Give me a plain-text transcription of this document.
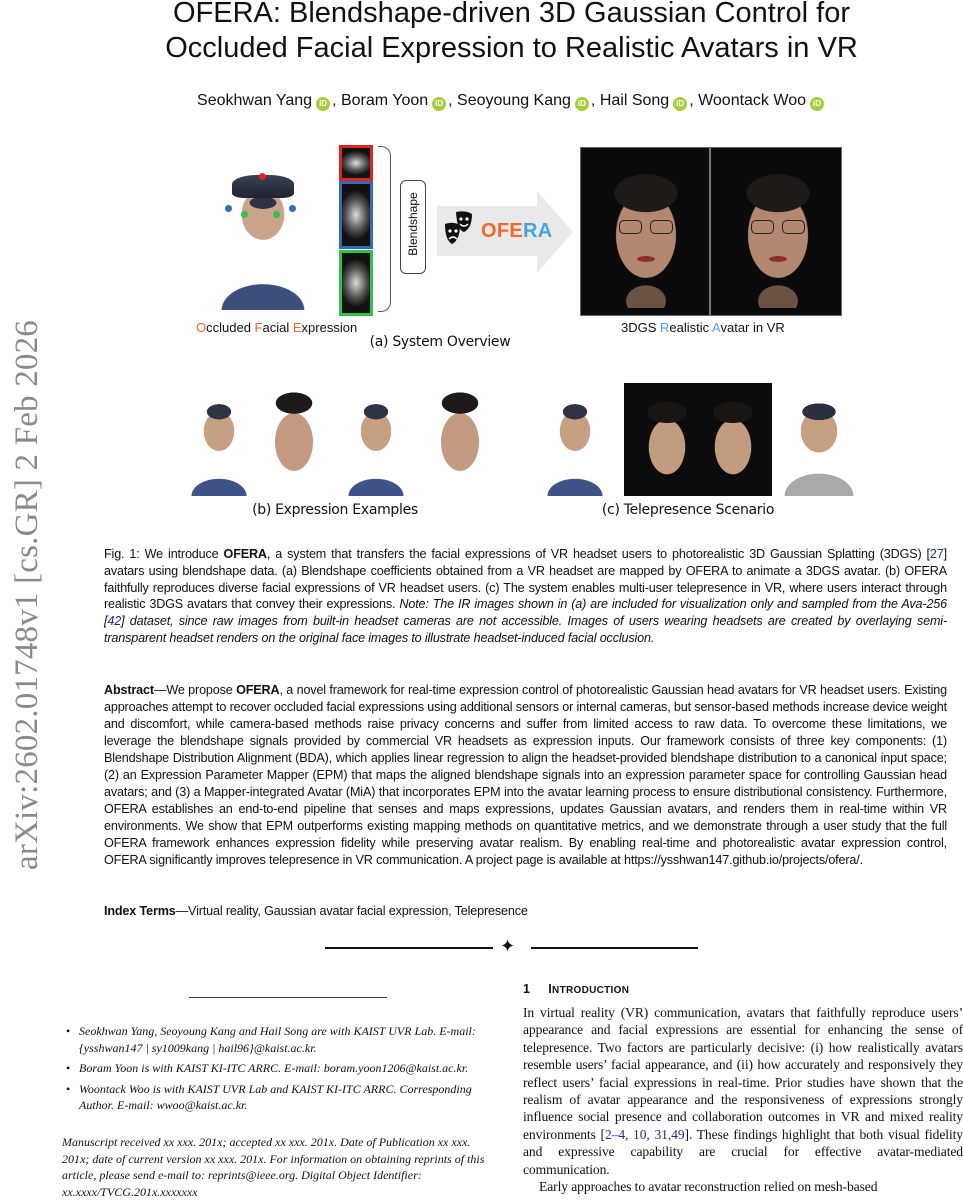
arXiv:2602.01748v1 [cs.GR] 2 Feb 2026
OFERA: Blendshape-driven 3D Gaussian Control for
Occluded Facial Expression to Realistic Avatars in VR
Seokhwan Yang iD , Boram Yoon iD , Seoyoung Kang iD , Hail Song iD , Woontack Woo iD
Blendshape	OFERA
Occluded Facial Expression	3DGS Realistic Avatar in VR
(a) System Overview
(b) Expression Examples	(c) Telepresence Scenario
Fig. 1: We introduce OFERA, a system that transfers the facial expressions of VR headset users to photorealistic 3D Gaussian Splatting (3DGS) [27] avatars using blendshape data. (a) Blendshape coefficients obtained from a VR headset are mapped by OFERA to animate a 3DGS avatar. (b) OFERA faithfully reproduces diverse facial expressions of VR headset users. (c) The system enables multi-user telepresence in VR, where users interact through realistic 3DGS avatars that convey their expressions. Note: The IR images shown in (a) are included for visualization only and sampled from the Ava-256 [42] dataset, since raw images from built-in headset cameras are not accessible. Images of users wearing headsets are created by overlaying semi-transparent headset renders on the original face images to illustrate headset-induced facial occlusion.
Abstract—We propose OFERA, a novel framework for real-time expression control of photorealistic Gaussian head avatars for VR headset users. Existing approaches attempt to recover occluded facial expressions using additional sensors or internal cameras, but sensor-based methods increase device weight and discomfort, while camera-based methods raise privacy concerns and suffer from limited access to raw data. To overcome these limitations, we leverage the blendshape signals provided by commercial VR headsets as expression inputs. Our framework consists of three key components: (1) Blendshape Distribution Alignment (BDA), which applies linear regression to align the headset-provided blendshape distribution to a canonical input space; (2) an Expression Parameter Mapper (EPM) that maps the aligned blendshape signals into an expression parameter space for controlling Gaussian head avatars; and (3) a Mapper-integrated Avatar (MiA) that incorporates EPM into the avatar learning process to ensure distributional consistency. Furthermore, OFERA establishes an end-to-end pipeline that senses and maps expressions, updates Gaussian avatars, and renders them in real-time within VR environments. We show that EPM outperforms existing mapping methods on quantitative metrics, and we demonstrate through a user study that the full OFERA framework enhances expression fidelity while preserving avatar realism. By enabling real-time and photorealistic avatar expression control, OFERA significantly improves telepresence in VR communication. A project page is available at https://ysshwan147.github.io/projects/ofera/.
Index Terms—Virtual reality, Gaussian avatar facial expression, Telepresence
✦
• Seokhwan Yang, Seoyoung Kang and Hail Song are with KAIST UVR Lab. E-mail: {ysshwan147 | sy1009kang | hail96}@kaist.ac.kr.
• Boram Yoon is with KAIST KI-ITC ARRC. E-mail: boram.yoon1206@kaist.ac.kr.
• Woontack Woo is with KAIST UVR Lab and KAIST KI-ITC ARRC. Corresponding Author. E-mail: wwoo@kaist.ac.kr.
Manuscript received xx xxx. 201x; accepted xx xxx. 201x. Date of Publication xx xxx. 201x; date of current version xx xxx. 201x. For information on obtaining reprints of this article, please send e-mail to: reprints@ieee.org. Digital Object Identifier: xx.xxxx/TVCG.201x.xxxxxxx
1 INTRODUCTION

In virtual reality (VR) communication, avatars that faithfully reproduce users’ appearance and facial expressions are essential for enhancing the sense of telepresence. Two factors are particularly decisive: (i) how realistically avatars resemble users’ facial appearance, and (ii) how accurately and responsively they reflect users’ facial expressions in real-time. Prior studies have shown that the realism of avatar appearance and the responsiveness of expressions strongly influence social presence and collaboration outcomes in VR and mixed reality environments [2–4, 10, 31,49]. These findings highlight that both visual fidelity and expressive capability are crucial for effective avatar-mediated communication.

Early approaches to avatar reconstruction relied on mesh-based
